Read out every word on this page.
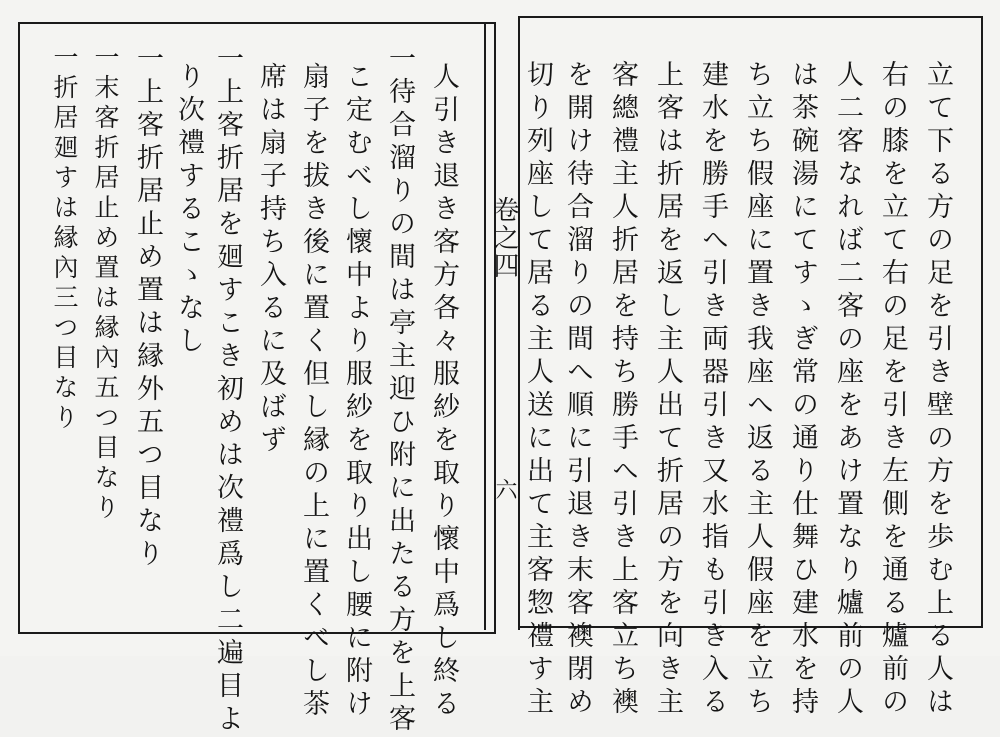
立て下る方の足を引き壁の方を歩む上る人は
右の膝を立て右の足を引き左側を通る爐前の
人二客なれば二客の座をあけ置なり爐前の人
は茶碗湯にてすゝぎ常の通り仕舞ひ建水を持
ち立ち假座に置き我座へ返る主人假座を立ち
建水を勝手へ引き両器引き又水指も引き入る
上客は折居を返し主人出て折居の方を向き主
客總禮主人折居を持ち勝手へ引き上客立ち襖
を開け待合溜りの間へ順に引退き末客襖閉め
切り列座して居る主人送に出て主客惣禮す主
卷之四
六
人引き退き客方各々服紗を取り懷中爲し終る
一待合溜りの間は亭主迎ひ附に出たる方を上客
こ定むべし懷中より服紗を取り出し腰に附け
扇子を拔き後に置く但し縁の上に置くべし茶
席は扇子持ち入るに及ばず
一上客折居を廻すこき初めは次禮爲し二遍目よ
り次禮するこゝなし
一上客折居止め置は縁外五つ目なり
一末客折居止め置は縁內五つ目なり
一折居廻すは縁內三つ目なり
